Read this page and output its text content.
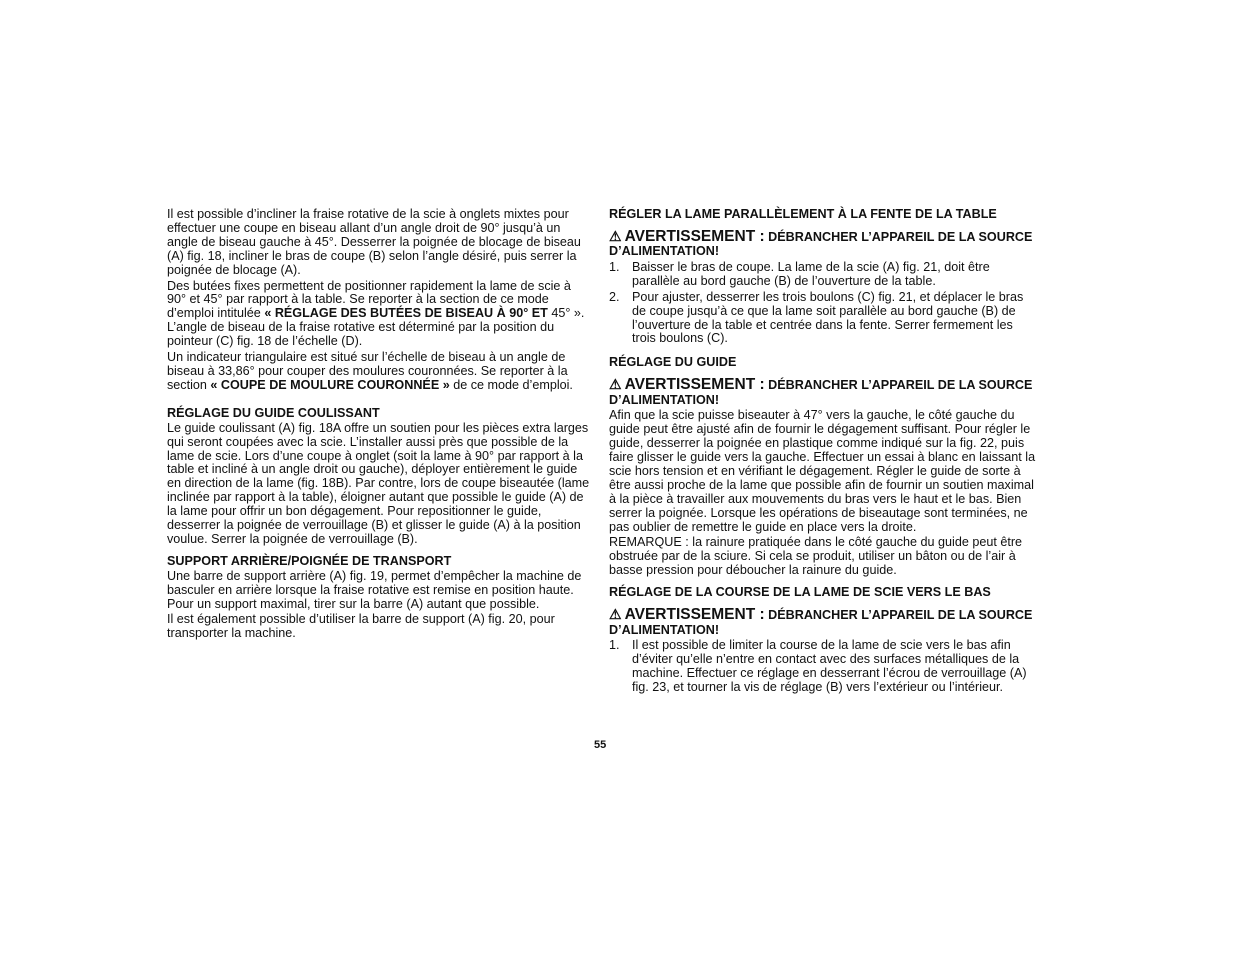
Il est possible d’incliner la fraise rotative de la scie à onglets mixtes pour effectuer une coupe en biseau allant d’un angle droit de 90° jusqu’à un angle de biseau gauche à 45°. Desserrer la poignée de blocage de biseau (A) fig. 18, incliner le bras de coupe (B) selon l’angle désiré, puis serrer la poignée de blocage (A).

Des butées fixes permettent de positionner rapidement la lame de scie à 90° et 45° par rapport à la table. Se reporter à la section de ce mode d’emploi intitulée « RÉGLAGE DES BUTÉES DE BISEAU À 90° ET 45° ». L’angle de biseau de la fraise rotative est déterminé par la position du pointeur (C) fig. 18 de l’échelle (D).

Un indicateur triangulaire est situé sur l’échelle de biseau à un angle de biseau à 33,86° pour couper des moulures couronnées. Se reporter à la section « COUPE DE MOULURE COURONNÉE » de ce mode d’emploi.

RÉGLAGE DU GUIDE COULISSANT

Le guide coulissant (A) fig. 18A offre un soutien pour les pièces extra larges qui seront coupées avec la scie. L’installer aussi près que possible de la lame de scie. Lors d’une coupe à onglet (soit la lame à 90° par rapport à la table et incliné à un angle droit ou gauche), déployer entièrement le guide en direction de la lame (fig. 18B). Par contre, lors de coupe biseautée (lame inclinée par rapport à la table), éloigner autant que possible le guide (A) de la lame pour offrir un bon dégagement. Pour repositionner le guide, desserrer la poignée de verrouillage (B) et glisser le guide (A) à la position voulue. Serrer la poignée de verrouillage (B).

SUPPORT ARRIÈRE/POIGNÉE DE TRANSPORT

Une barre de support arrière (A) fig. 19, permet d’empêcher la machine de basculer en arrière lorsque la fraise rotative est remise en position haute. Pour un support maximal, tirer sur la barre (A) autant que possible.

Il est également possible d’utiliser la barre de support (A) fig. 20, pour transporter la machine.

RÉGLER LA LAME PARALLÈLEMENT À LA FENTE DE LA TABLE
⚠ AVERTISSEMENT : DÉBRANCHER L’APPAREIL DE LA SOURCE D’ALIMENTATION!
1. Baisser le bras de coupe. La lame de la scie (A) fig. 21, doit être parallèle au bord gauche (B) de l’ouverture de la table.
2. Pour ajuster, desserrer les trois boulons (C) fig. 21, et déplacer le bras de coupe jusqu’à ce que la lame soit parallèle au bord gauche (B) de l’ouverture de la table et centrée dans la fente. Serrer fermement les trois boulons (C).
RÉGLAGE DU GUIDE
⚠ AVERTISSEMENT : DÉBRANCHER L’APPAREIL DE LA SOURCE D’ALIMENTATION!

Afin que la scie puisse biseauter à 47° vers la gauche, le côté gauche du guide peut être ajusté afin de fournir le dégagement suffisant. Pour régler le guide, desserrer la poignée en plastique comme indiqué sur la fig. 22, puis faire glisser le guide vers la gauche. Effectuer un essai à blanc en laissant la scie hors tension et en vérifiant le dégagement. Régler le guide de sorte à être aussi proche de la lame que possible afin de fournir un soutien maximal à la pièce à travailler aux mouvements du bras vers le haut et le bas. Bien serrer la poignée. Lorsque les opérations de biseautage sont terminées, ne pas oublier de remettre le guide en place vers la droite.

REMARQUE : la rainure pratiquée dans le côté gauche du guide peut être obstruée par de la sciure. Si cela se produit, utiliser un bâton ou de l’air à basse pression pour déboucher la rainure du guide.

RÉGLAGE DE LA COURSE DE LA LAME DE SCIE VERS LE BAS
⚠ AVERTISSEMENT : DÉBRANCHER L’APPAREIL DE LA SOURCE D’ALIMENTATION!
1. Il est possible de limiter la course de la lame de scie vers le bas afin d’éviter qu’elle n’entre en contact avec des surfaces métalliques de la machine. Effectuer ce réglage en desserrant l’écrou de verrouillage (A) fig. 23, et tourner la vis de réglage (B) vers l’extérieur ou l’intérieur.
55
